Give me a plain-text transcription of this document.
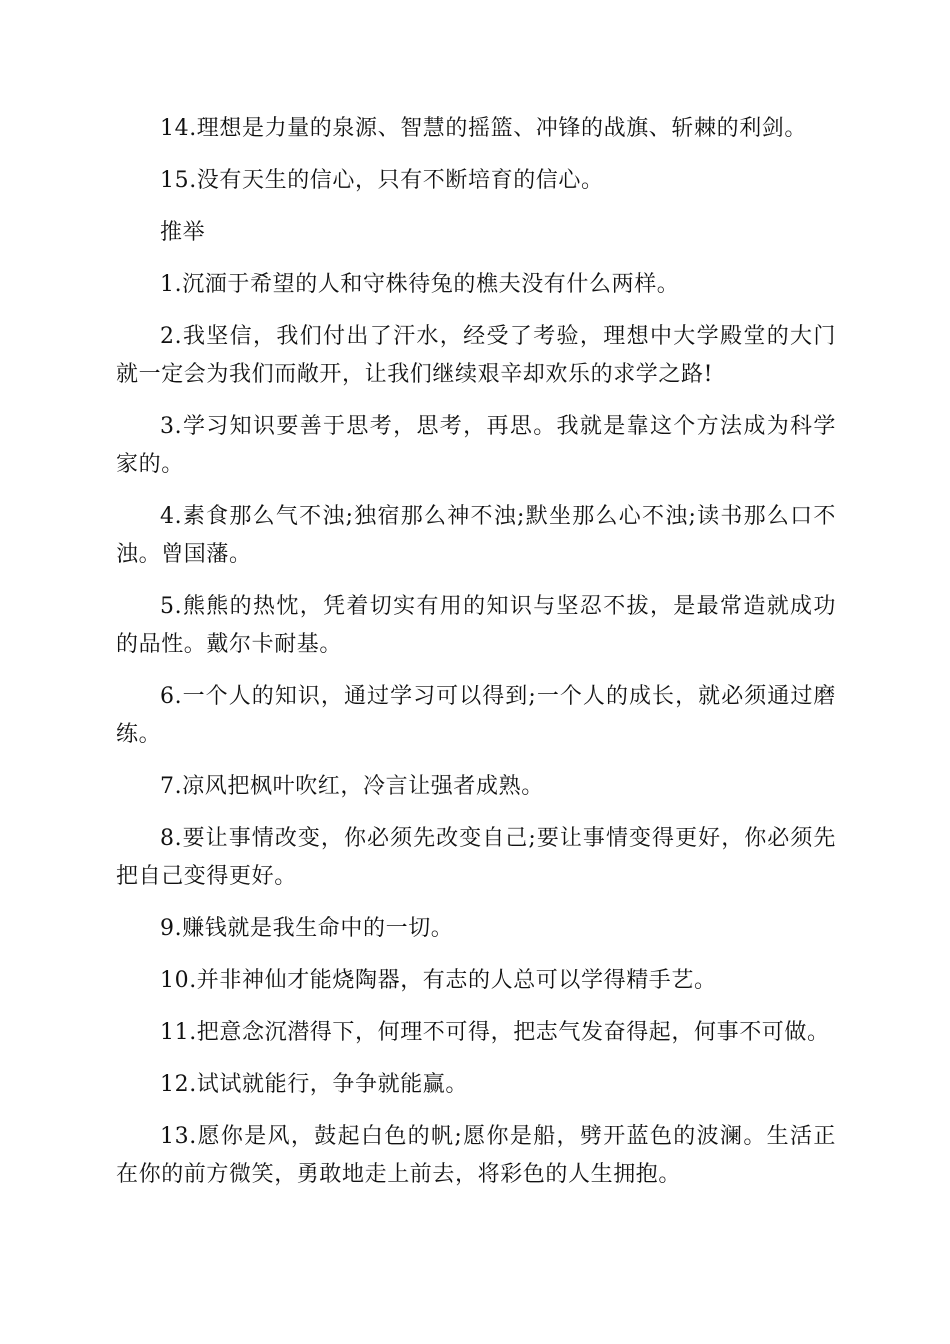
14.理想是力量的泉源、智慧的摇篮、冲锋的战旗、斩棘的利剑。

15.没有天生的信心，只有不断培育的信心。

推举

1.沉湎于希望的人和守株待兔的樵夫没有什么两样。

2.我坚信，我们付出了汗水，经受了考验，理想中大学殿堂的大门就一定会为我们而敞开，让我们继续艰辛却欢乐的求学之路!

3.学习知识要善于思考，思考，再思。我就是靠这个方法成为科学家的。

4.素食那么气不浊;独宿那么神不浊;默坐那么心不浊;读书那么口不浊。曾国藩。

5.熊熊的热忱，凭着切实有用的知识与坚忍不拔，是最常造就成功的品性。戴尔卡耐基。

6.一个人的知识，通过学习可以得到;一个人的成长，就必须通过磨练。

7.凉风把枫叶吹红，冷言让强者成熟。

8.要让事情改变，你必须先改变自己;要让事情变得更好，你必须先把自己变得更好。

9.赚钱就是我生命中的一切。

10.并非神仙才能烧陶器，有志的人总可以学得精手艺。

11.把意念沉潜得下，何理不可得，把志气发奋得起，何事不可做。

12.试试就能行，争争就能赢。

13.愿你是风，鼓起白色的帆;愿你是船，劈开蓝色的波澜。生活正在你的前方微笑，勇敢地走上前去，将彩色的人生拥抱。
